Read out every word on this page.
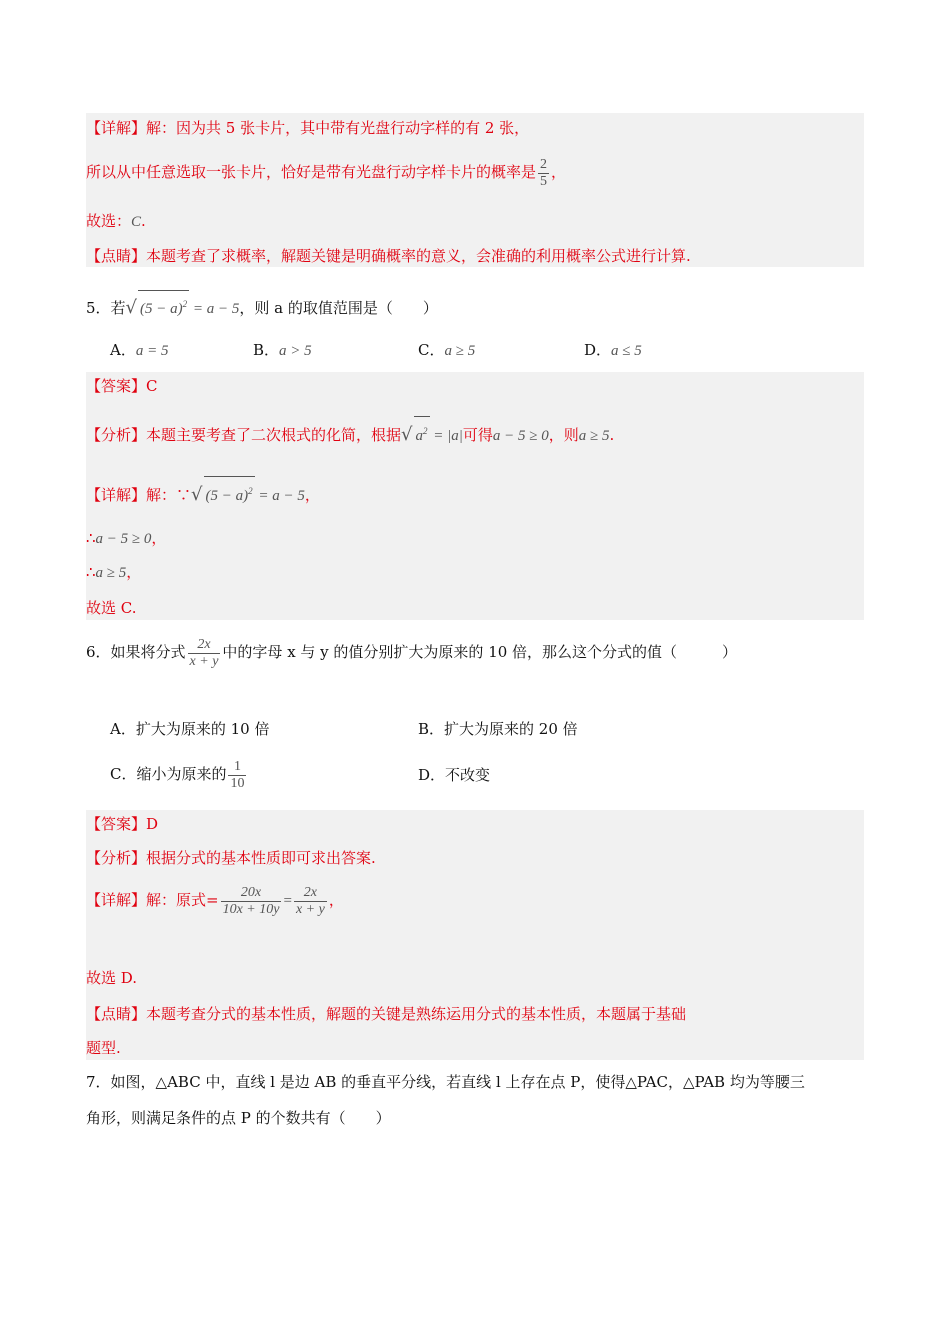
【详解】解：因为共 5 张卡片，其中带有光盘行动字样的有 2 张，
所以从中任意选取一张卡片，恰好是带有光盘行动字样卡片的概率是 $\frac{2}{5}$ ，
故选：C.
【点睛】本题考查了求概率，解题关键是明确概率的意义，会准确的利用概率公式进行计算.
5．若√ $(5 - a)^2 = a - 5$，则 a 的取值范围是（　　）
A．a = 5	B．a > 5	C．a ≥ 5	D．a ≤ 5
【答案】C
【分析】本题主要考查了二次根式的化简，根据√ $a^2 = |a|$可得a − 5 ≥ 0，则a ≥ 5.
【详解】解：∵√ $(5 - a)^2 = a - 5$，
∴a − 5 ≥ 0，
∴a ≥ 5，
故选 C.
6．如果将分式 $\frac{2x}{x + y}$ 中的字母 x 与 y 的值分别扩大为原来的 10 倍，那么这个分式的值（　　　）
A．扩大为原来的 10 倍	B．扩大为原来的 20 倍
C．缩小为原来的 $\frac{1}{10}$	D．不改变
【答案】D
【分析】根据分式的基本性质即可求出答案.
【详解】解：原式= $\frac{20x}{10x + 10y} = \frac{2x}{x + y}$ ，
故选 D.
【点睛】本题考查分式的基本性质，解题的关键是熟练运用分式的基本性质，本题属于基础
题型.
7．如图，△ABC 中，直线 l 是边 AB 的垂直平分线，若直线 l 上存在点 P，使得△PAC，△PAB 均为等腰三
角形，则满足条件的点 P 的个数共有（　　）
